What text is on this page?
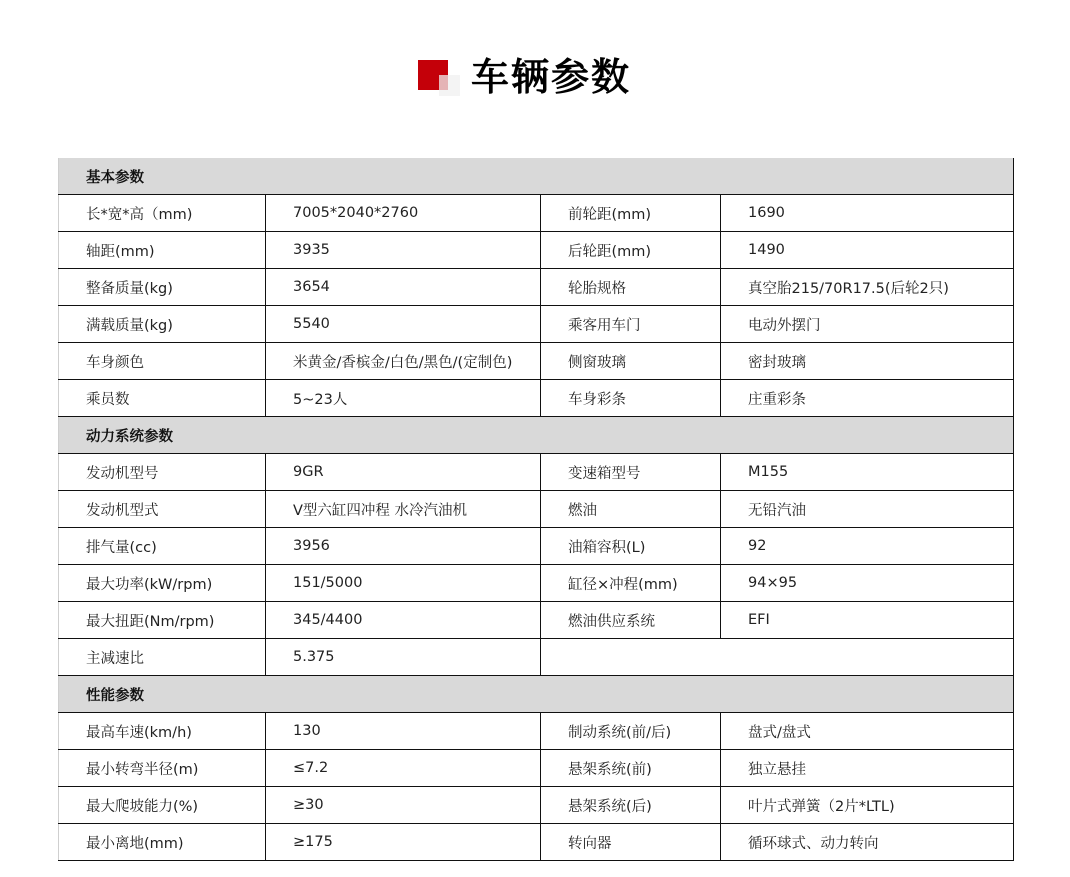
车辆参数
基本参数			
长*宽*高（mm)	7005*2040*2760	前轮距(mm)	1690
轴距(mm)	3935	后轮距(mm)	1490
整备质量(kg)	3654	轮胎规格	真空胎215/70R17.5(后轮2只)
满载质量(kg)	5540	乘客用车门	电动外摆门
车身颜色	米黄金/香槟金/白色/黑色/(定制色)	侧窗玻璃	密封玻璃
乘员数	5~23人	车身彩条	庄重彩条
动力系统参数			
发动机型号	9GR	变速箱型号	M155
发动机型式	V型六缸四冲程 水冷汽油机	燃油	无铅汽油
排气量(cc)	3956	油箱容积(L)	92
最大功率(kW/rpm)	151/5000	缸径×冲程(mm)	94×95
最大扭距(Nm/rpm)	345/4400	燃油供应系统	EFI
主减速比	5.375		
性能参数			
最高车速(km/h)	130	制动系统(前/后)	盘式/盘式
最小转弯半径(m)	≤7.2	悬架系统(前)	独立悬挂
最大爬坡能力(%)	≥30	悬架系统(后)	叶片式弹簧（2片*LTL)
最小离地(mm)	≥175	转向器	循环球式、动力转向
